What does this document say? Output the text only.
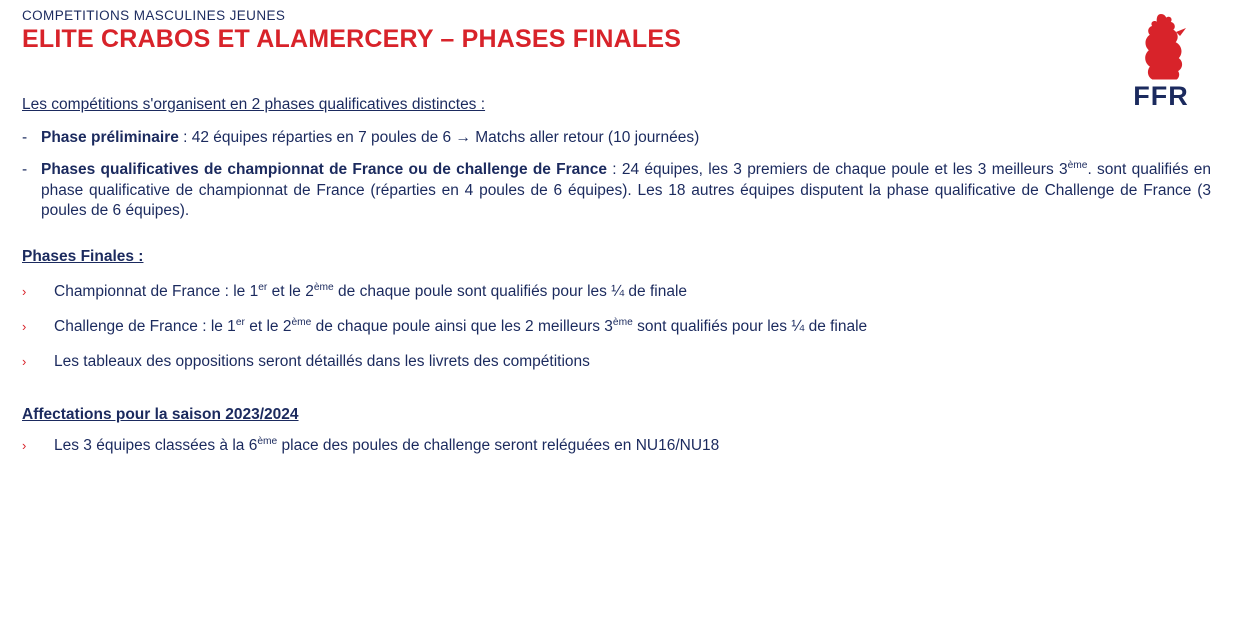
COMPETITIONS MASCULINES JEUNES

ELITE CRABOS ET ALAMERCERY – PHASES FINALES
FFR

Les compétitions s'organisent en 2 phases qualificatives distinctes :

- Phase préliminaire : 42 équipes réparties en 7 poules de 6 → Matchs aller retour (10 journées)
- Phases qualificatives de championnat de France ou de challenge de France : 24 équipes, les 3 premiers de chaque poule et les 3 meilleurs 3ème. sont qualifiés en phase qualificative de championnat de France (réparties en 4 poules de 6 équipes). Les 18 autres équipes disputent la phase qualificative de Challenge de France (3 poules de 6 équipes).

Phases Finales :

›	Championnat de France : le 1er et le 2ème de chaque poule sont qualifiés pour les ¼ de finale
›	Challenge de France : le 1er et le 2ème de chaque poule ainsi que les 2 meilleurs 3ème sont qualifiés pour les ¼ de finale
›	Les tableaux des oppositions seront détaillés dans les livrets des compétitions

Affectations pour la saison 2023/2024

›	Les 3 équipes classées à la 6ème place des poules de challenge seront reléguées en NU16/NU18
